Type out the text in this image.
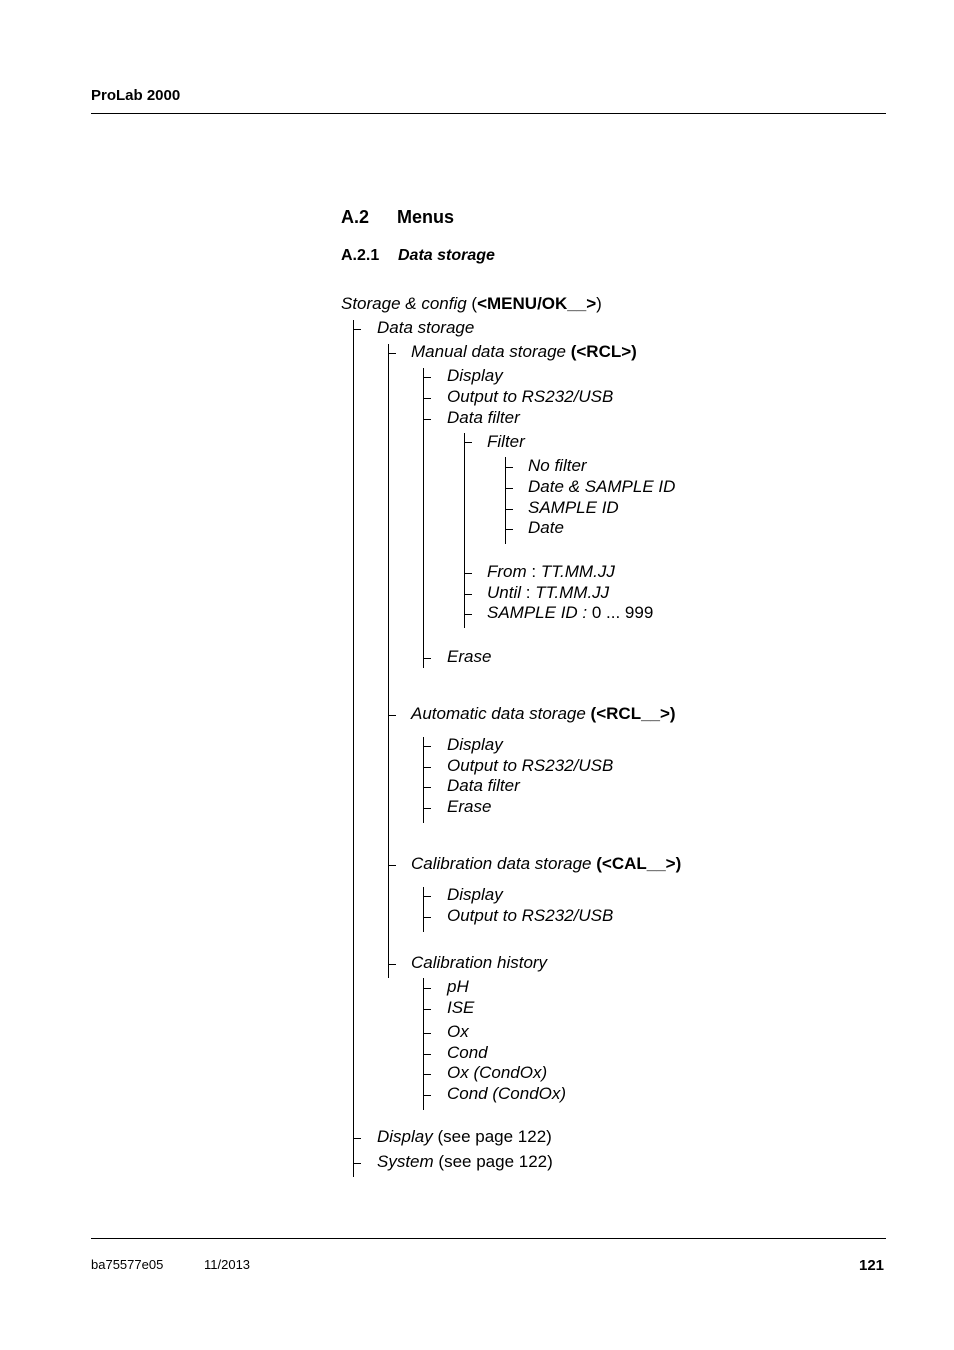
ProLab 2000
A.2 Menus
A.2.1 Data storage
Storage & config (<MENU/OK__>)
Data storage
Manual data storage (<RCL>)
Display
Output to RS232/USB
Data filter
Filter
No filter
Date & SAMPLE ID
SAMPLE ID
Date
From : TT.MM.JJ
Until : TT.MM.JJ
SAMPLE ID : 0 ... 999
Erase
Automatic data storage (<RCL__>)
Display
Output to RS232/USB
Data filter
Erase
Calibration data storage (<CAL__>)
Display
Output to RS232/USB
Calibration history
pH
ISE
Ox
Cond
Ox (CondOx)
Cond (CondOx)
Display (see page 122)
System (see page 122)
ba75577e05	11/2013	121
